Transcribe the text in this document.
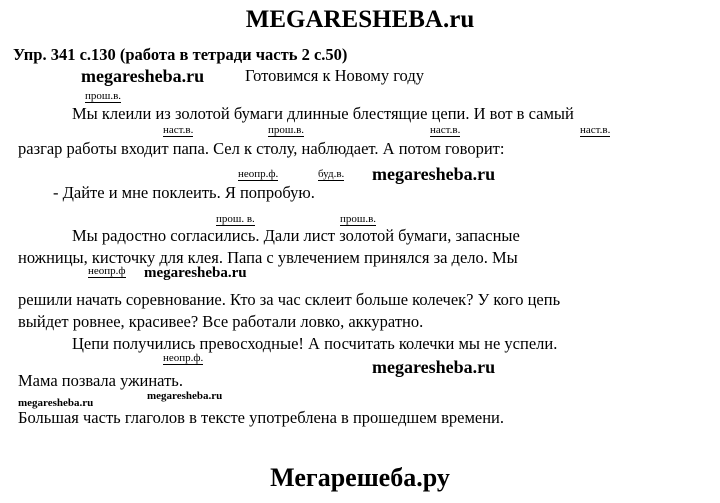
MEGARESHEBA.ru
Упр. 341 с.130 (работа в тетради часть 2 с.50)
Готовимся к Новому году
Мы клеили из золотой бумаги длинные блестящие цепи. И вот в самый
разгар работы входит папа. Сел к столу, наблюдает. А потом говорит:
- Дайте и мне поклеить. Я попробую.
Мы радостно согласились. Дали лист золотой бумаги, запасные
ножницы, кисточку для клея. Папа с увлечением принялся за дело. Мы
решили начать соревнование. Кто за час склеит больше колечек? У кого цепь
выйдет ровнее, красивее? Все работали ловко, аккуратно.
Цепи получились превосходные! А посчитать колечки мы не успели.
Мама позвала ужинать.
Большая часть глаголов в тексте употреблена в прошедшем времени.
прош.в.
наст.в.	прош.в.	наст.в.	наст.в.
неопр.ф.	буд.в.
прош. в.	прош.в.
неопр.ф
неопр.ф.
megaresheba.ru
megaresheba.ru
megaresheba.ru
megaresheba.ru
megaresheba.ru
megaresheba.ru
Мегарешеба.ру
